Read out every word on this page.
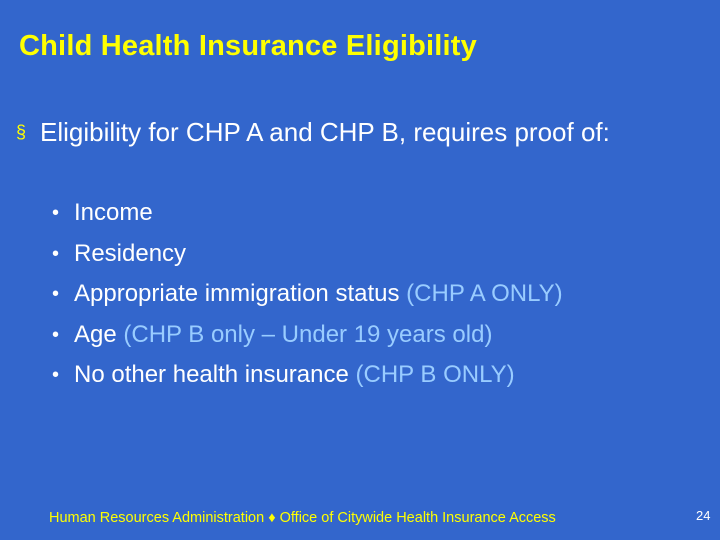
Child Health Insurance Eligibility
§ Eligibility for CHP A and CHP B, requires proof of:
• Income
• Residency
• Appropriate immigration status (CHP A ONLY)
• Age (CHP B only – Under 19 years old)
• No other health insurance (CHP B ONLY)
Human Resources Administration ♦ Office of Citywide Health Insurance Access	24
